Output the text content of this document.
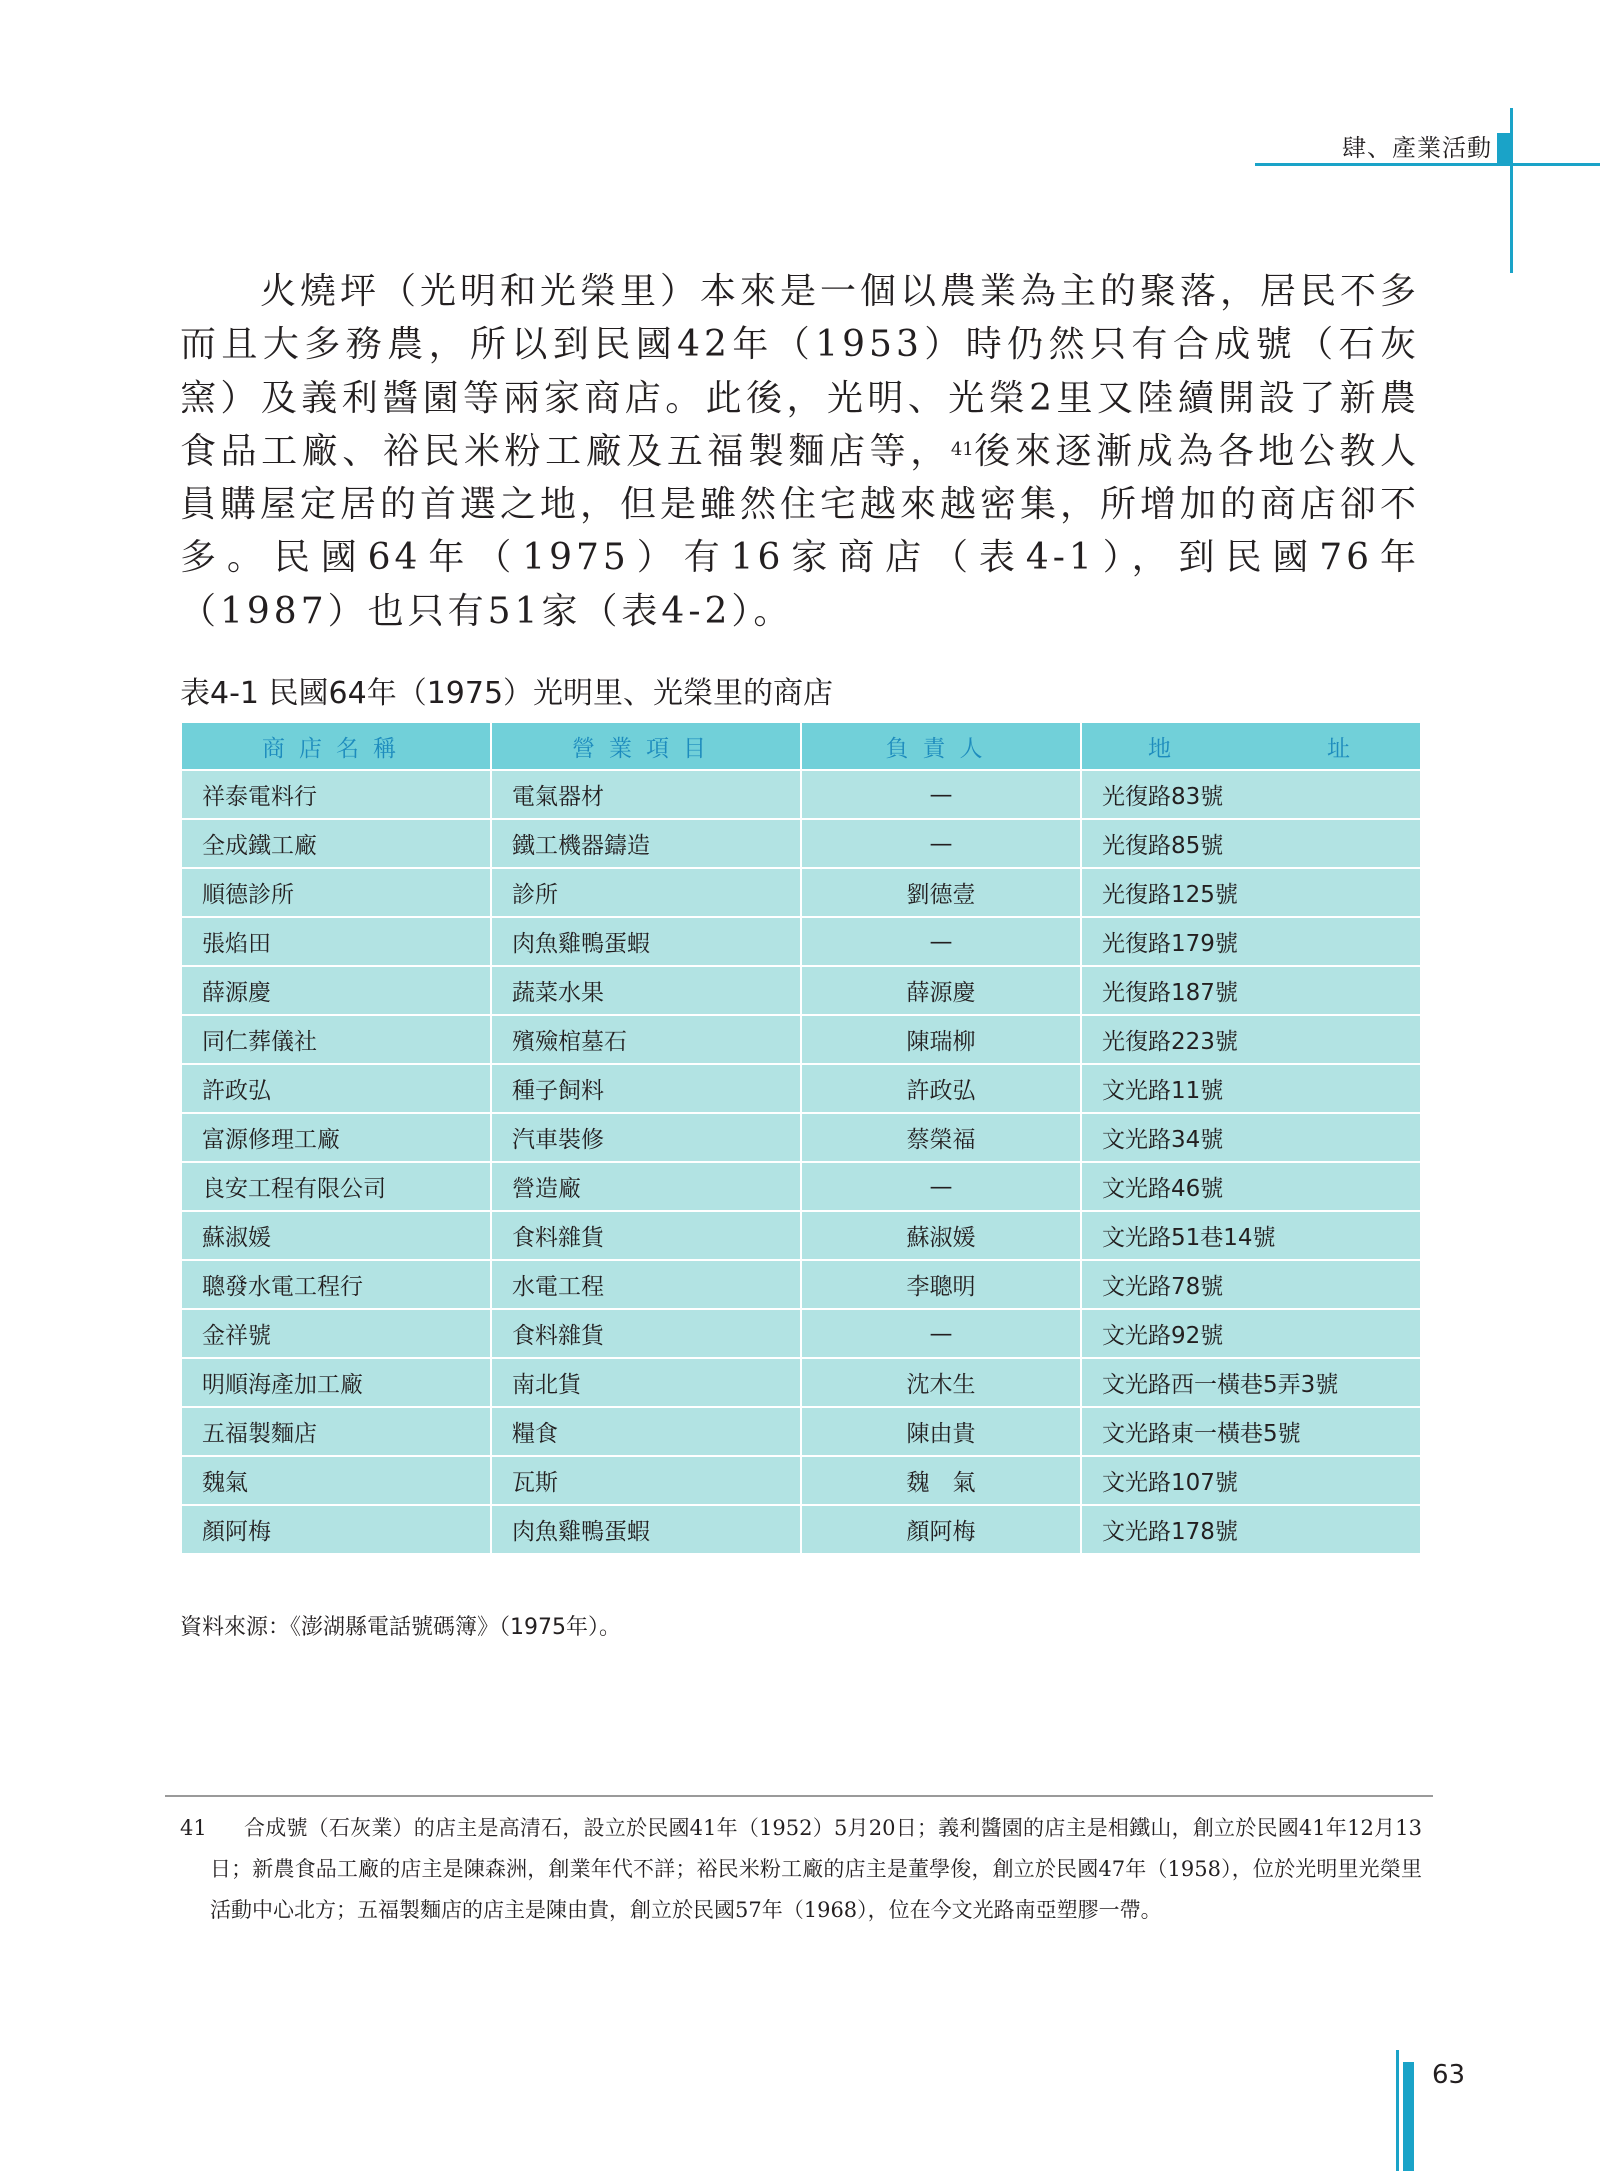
肆、產業活動

火燒坪（光明和光榮里）本來是一個以農業為主的聚落，居民不多而且大多務農，所以到民國42年（1953）時仍然只有合成號（石灰窯）及義利醬園等兩家商店。此後，光明、光榮2里又陸續開設了新農食品工廠、裕民米粉工廠及五福製麵店等，$^{41}$後來逐漸成為各地公教人員購屋定居的首選之地，但是雖然住宅越來越密集，所增加的商店卻不多。民國64年（1975）有16家商店（表4-1），到民國76年（1987）也只有51家（表4-2）。

表4-1 民國64年（1975）光明里、光榮里的商店
商店名稱	營業項目	負責人	地 址

祥泰電料行	電氣器材	—	光復路83號
全成鐵工廠	鐵工機器鑄造	—	光復路85號
順德診所	診所	劉德壹	光復路125號
張焰田	肉魚雞鴨蛋蝦	—	光復路179號
薛源慶	蔬菜水果	薛源慶	光復路187號
同仁葬儀社	殯殮棺墓石	陳瑞柳	光復路223號
許政弘	種子飼料	許政弘	文光路11號
富源修理工廠	汽車裝修	蔡榮福	文光路34號
良安工程有限公司	營造廠	—	文光路46號
蘇淑媛	食料雜貨	蘇淑媛	文光路51巷14號
聰發水電工程行	水電工程	李聰明	文光路78號
金祥號	食料雜貨	—	文光路92號
明順海產加工廠	南北貨	沈木生	文光路西一橫巷5弄3號
五福製麵店	糧食	陳由貴	文光路東一橫巷5號
魏氣	瓦斯	魏　氣	文光路107號
顏阿梅	肉魚雞鴨蛋蝦	顏阿梅	文光路178號
資料來源：《澎湖縣電話號碼簿》（1975年）。
41	合成號（石灰業）的店主是高清石，設立於民國41年（1952）5月20日；義利醬園的店主是相鐵山，創立於民國41年12月13日；新農食品工廠的店主是陳森洲，創業年代不詳；裕民米粉工廠的店主是董學俊，創立於民國47年（1958），位於光明里光榮里活動中心北方；五福製麵店的店主是陳由貴，創立於民國57年（1968），位在今文光路南亞塑膠一帶。
63
